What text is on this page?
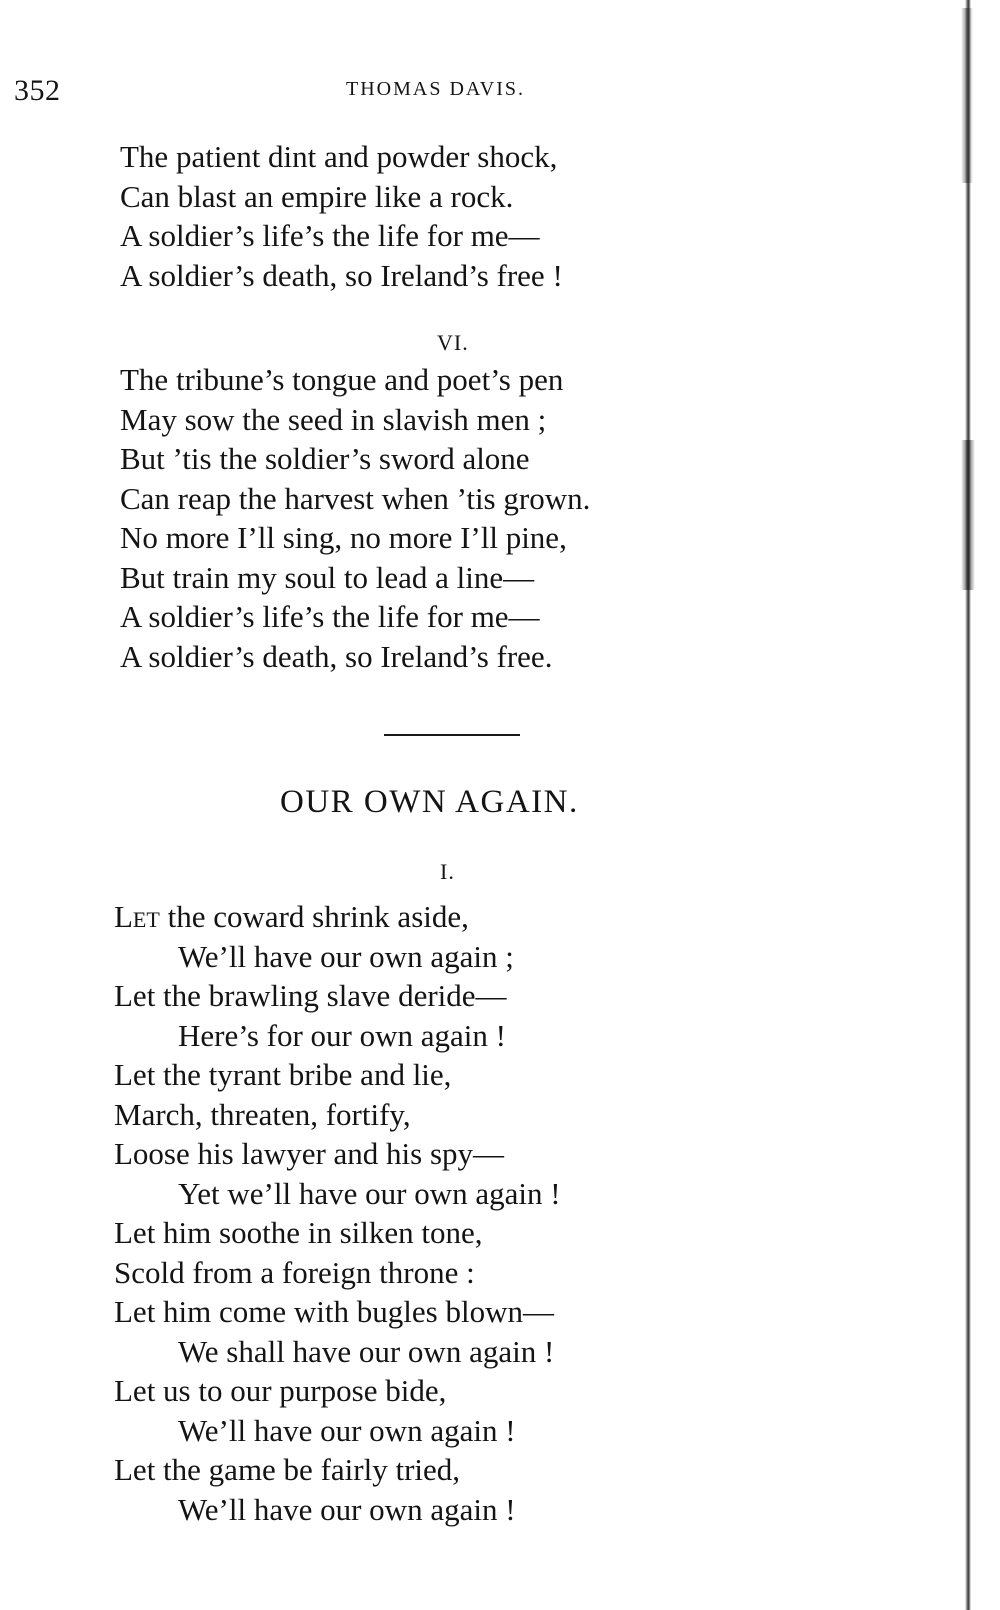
352	THOMAS DAVIS.
The patient dint and powder shock,
Can blast an empire like a rock.
A soldier’s life’s the life for me—
A soldier’s death, so Ireland’s free !
VI.
The tribune’s tongue and poet’s pen
May sow the seed in slavish men ;
But ’tis the soldier’s sword alone
Can reap the harvest when ’tis grown.
No more I’ll sing, no more I’ll pine,
But train my soul to lead a line—
A soldier’s life’s the life for me—
A soldier’s death, so Ireland’s free.
OUR OWN AGAIN.
I.
Let the coward shrink aside,
We’ll have our own again ;
Let the brawling slave deride—
Here’s for our own again !
Let the tyrant bribe and lie,
March, threaten, fortify,
Loose his lawyer and his spy—
Yet we’ll have our own again !
Let him soothe in silken tone,
Scold from a foreign throne :
Let him come with bugles blown—
We shall have our own again !
Let us to our purpose bide,
We’ll have our own again !
Let the game be fairly tried,
We’ll have our own again !
